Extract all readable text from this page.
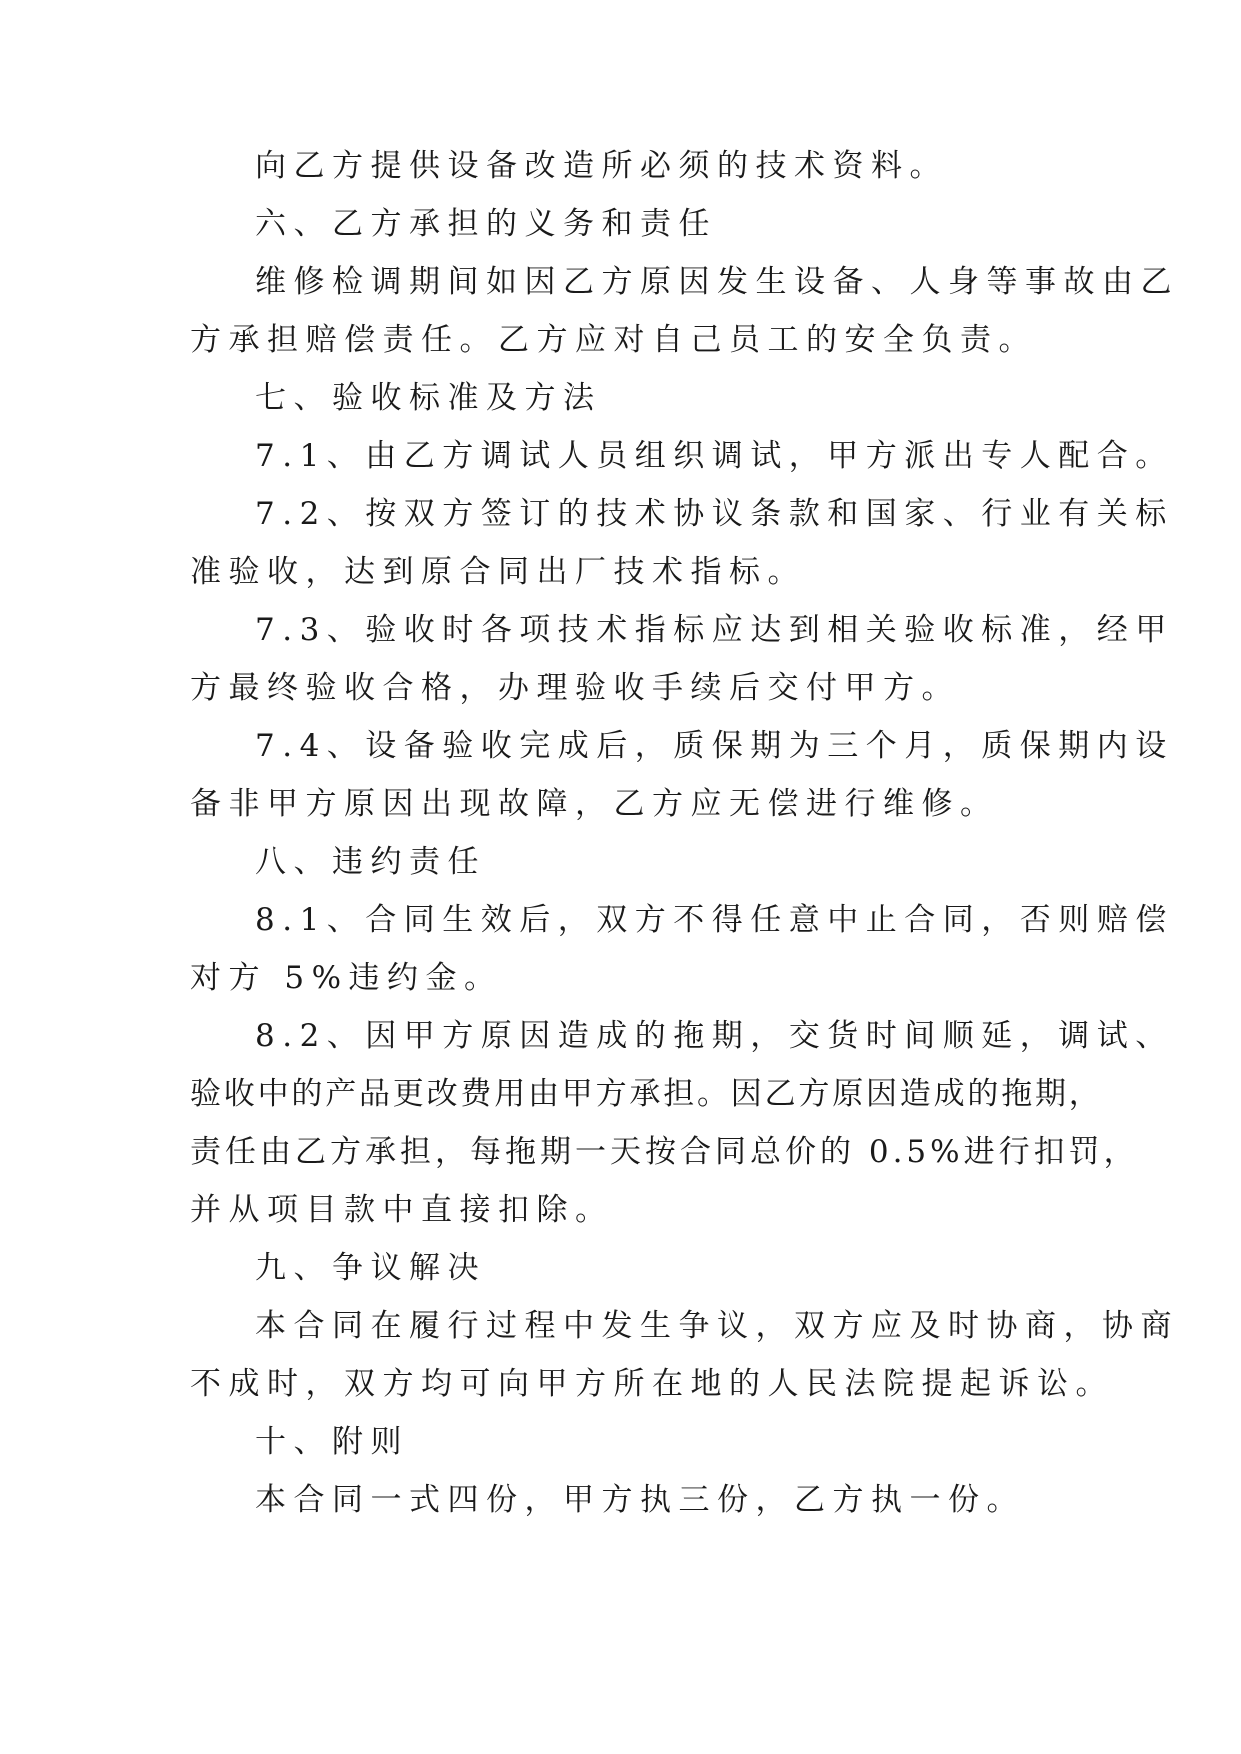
向乙方提供设备改造所必须的技术资料。
六、乙方承担的义务和责任
维修检调期间如因乙方原因发生设备、人身等事故由乙
方承担赔偿责任。乙方应对自己员工的安全负责。
七、验收标准及方法
7.1、由乙方调试人员组织调试，甲方派出专人配合。
7.2、按双方签订的技术协议条款和国家、行业有关标
准验收，达到原合同出厂技术指标。
7.3、验收时各项技术指标应达到相关验收标准，经甲
方最终验收合格，办理验收手续后交付甲方。
7.4、设备验收完成后，质保期为三个月，质保期内设
备非甲方原因出现故障，乙方应无偿进行维修。
八、违约责任
8.1、合同生效后，双方不得任意中止合同，否则赔偿
对方 5%违约金。
8.2、因甲方原因造成的拖期，交货时间顺延，调试、
验收中的产品更改费用由甲方承担。因乙方原因造成的拖期，
责任由乙方承担，每拖期一天按合同总价的 0.5%进行扣罚，
并从项目款中直接扣除。
九、争议解决
本合同在履行过程中发生争议，双方应及时协商，协商
不成时，双方均可向甲方所在地的人民法院提起诉讼。
十、附则
本合同一式四份，甲方执三份，乙方执一份。
